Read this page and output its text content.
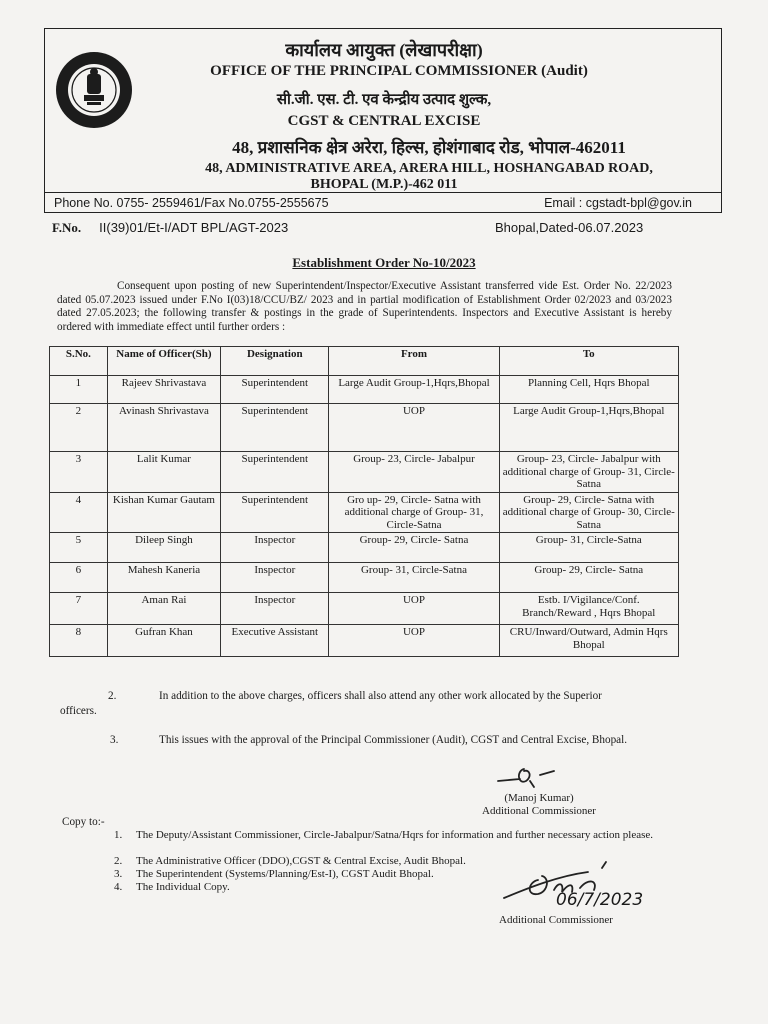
कार्यालय आयुक्त (लेखापरीक्षा)
OFFICE OF THE PRINCIPAL COMMISSIONER (Audit)
सी.जी. एस. टी. एव केन्द्रीय उत्पाद शुल्क,
CGST & CENTRAL EXCISE
48, प्रशासनिक क्षेत्र अरेरा, हिल्स, होशंगाबाद रोड, भोपाल-462011
48, ADMINISTRATIVE AREA, ARERA HILL, HOSHANGABAD ROAD,
BHOPAL (M.P.)-462 011
Phone No. 0755- 2559461/Fax No.0755-2555675	Email : cgstadt-bpl@gov.in
F.No. II(39)01/Et-I/ADT BPL/AGT-2023	Bhopal,Dated-06.07.2023
Establishment Order No-10/2023
Consequent upon posting of new Superintendent/Inspector/Executive Assistant transferred vide Est. Order No. 22/2023 dated 05.07.2023 issued under F.No I(03)18/CCU/BZ/ 2023 and in partial modification of Establishment Order 02/2023 and 03/2023 dated 27.05.2023; the following transfer & postings in the grade of Superintendents. Inspectors and Executive Assistant is hereby ordered with immediate effect until further orders :
S.No.	Name of Officer(Sh)	Designation	From	To
1	Rajeev Shrivastava	Superintendent	Large Audit Group-1,Hqrs,Bhopal	Planning Cell, Hqrs Bhopal
2	Avinash Shrivastava	Superintendent	UOP	Large Audit Group-1,Hqrs,Bhopal
3	Lalit Kumar	Superintendent	Group- 23, Circle- Jabalpur	Group- 23, Circle- Jabalpur with additional charge of Group- 31, Circle-Satna
4	Kishan Kumar Gautam	Superintendent	Gro up- 29, Circle- Satna with additional charge of Group- 31, Circle-Satna	Group- 29, Circle- Satna with additional charge of Group- 30, Circle-Satna
5	Dileep Singh	Inspector	Group- 29, Circle- Satna	Group- 31, Circle-Satna
6	Mahesh Kaneria	Inspector	Group- 31, Circle-Satna	Group- 29, Circle- Satna
7	Aman Rai	Inspector	UOP	Estb. I/Vigilance/Conf. Branch/Reward , Hqrs Bhopal
8	Gufran Khan	Executive Assistant	UOP	CRU/Inward/Outward, Admin Hqrs Bhopal
2.	In addition to the above charges, officers shall also attend any other work allocated by the Superior
officers.
3.	This issues with the approval of the Principal Commissioner (Audit), CGST and Central Excise, Bhopal.
(Manoj Kumar)
Additional Commissioner
Copy to:-
1. The Deputy/Assistant Commissioner, Circle-Jabalpur/Satna/Hqrs for information and further necessary action please.
2. The Administrative Officer (DDO),CGST & Central Excise, Audit Bhopal.
3. The Superintendent (Systems/Planning/Est-I), CGST Audit Bhopal.
4. The Individual Copy.
06/7/2023
Additional Commissioner
